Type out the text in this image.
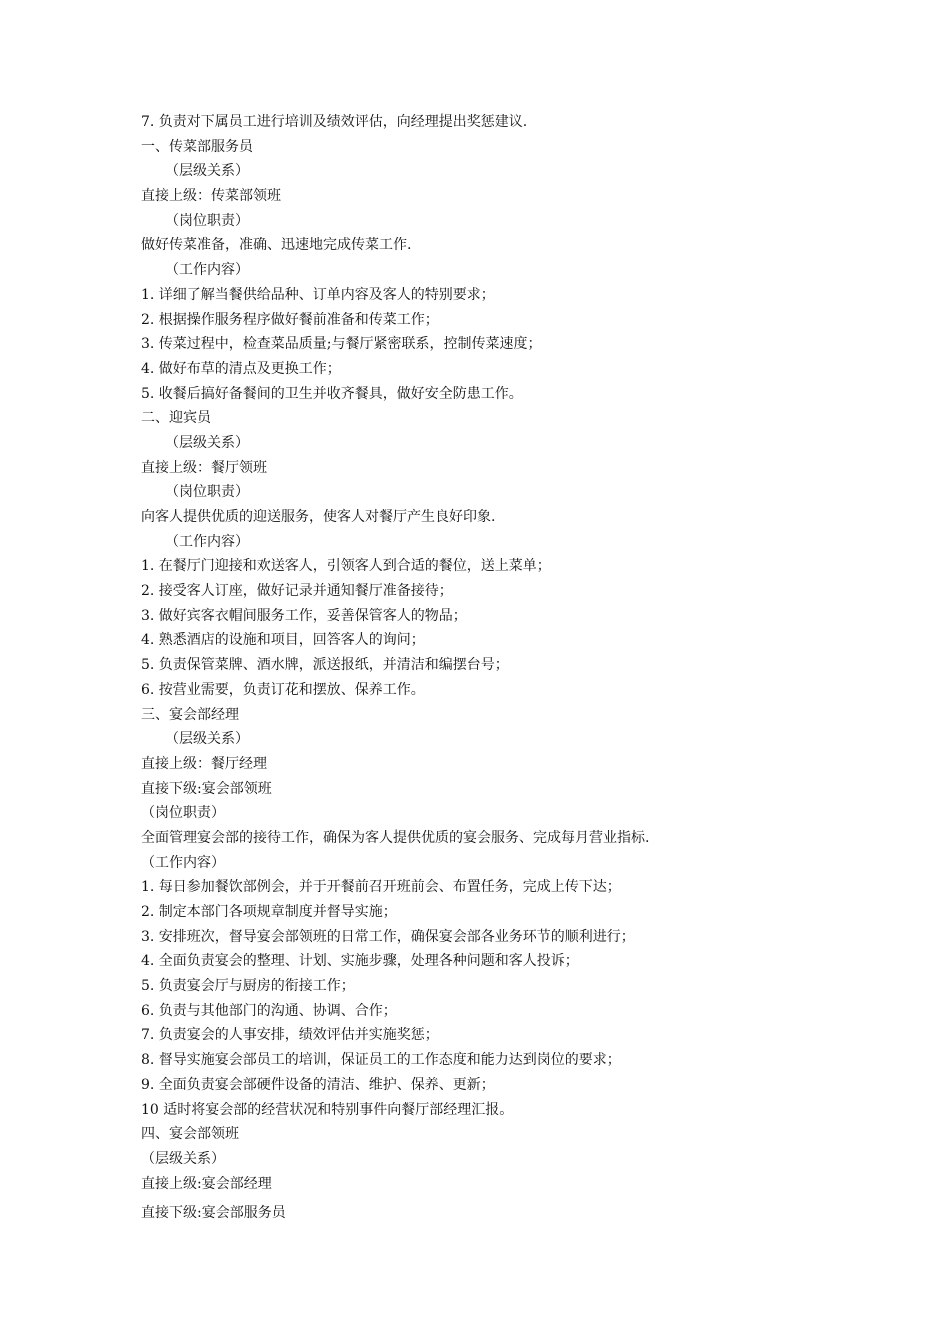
7. 负责对下属员工进行培训及绩效评估，向经理提出奖惩建议.
一、传菜部服务员
（层级关系）
直接上级：传菜部领班
（岗位职责）
做好传菜准备，准确、迅速地完成传菜工作.
（工作内容）
1. 详细了解当餐供给品种、订单内容及客人的特别要求；
2. 根据操作服务程序做好餐前准备和传菜工作；
3. 传菜过程中，检查菜品质量;与餐厅紧密联系，控制传菜速度；
4. 做好布草的清点及更换工作；
5. 收餐后搞好备餐间的卫生并收齐餐具，做好安全防患工作。
二、迎宾员
（层级关系）
直接上级：餐厅领班
（岗位职责）
向客人提供优质的迎送服务，使客人对餐厅产生良好印象.
（工作内容）
1. 在餐厅门迎接和欢送客人，引领客人到合适的餐位，送上菜单；
2. 接受客人订座，做好记录并通知餐厅准备接待；
3. 做好宾客衣帽间服务工作，妥善保管客人的物品；
4. 熟悉酒店的设施和项目，回答客人的询问；
5. 负责保管菜牌、酒水牌，派送报纸，并清洁和编摆台号；
6. 按营业需要，负责订花和摆放、保养工作。
三、宴会部经理
（层级关系）
直接上级：餐厅经理
直接下级:宴会部领班
（岗位职责）
全面管理宴会部的接待工作，确保为客人提供优质的宴会服务、完成每月营业指标.
（工作内容）
1. 每日参加餐饮部例会，并于开餐前召开班前会、布置任务，完成上传下达；
2. 制定本部门各项规章制度并督导实施；
3. 安排班次，督导宴会部领班的日常工作，确保宴会部各业务环节的顺利进行；
4. 全面负责宴会的整理、计划、实施步骤，处理各种问题和客人投诉；
5. 负责宴会厅与厨房的衔接工作；
6. 负责与其他部门的沟通、协调、合作；
7. 负责宴会的人事安排，绩效评估并实施奖惩；
8. 督导实施宴会部员工的培训，保证员工的工作态度和能力达到岗位的要求；
9. 全面负责宴会部硬件设备的清洁、维护、保养、更新；
10 适时将宴会部的经营状况和特别事件向餐厅部经理汇报。
四、宴会部领班
（层级关系）
直接上级:宴会部经理
直接下级:宴会部服务员
